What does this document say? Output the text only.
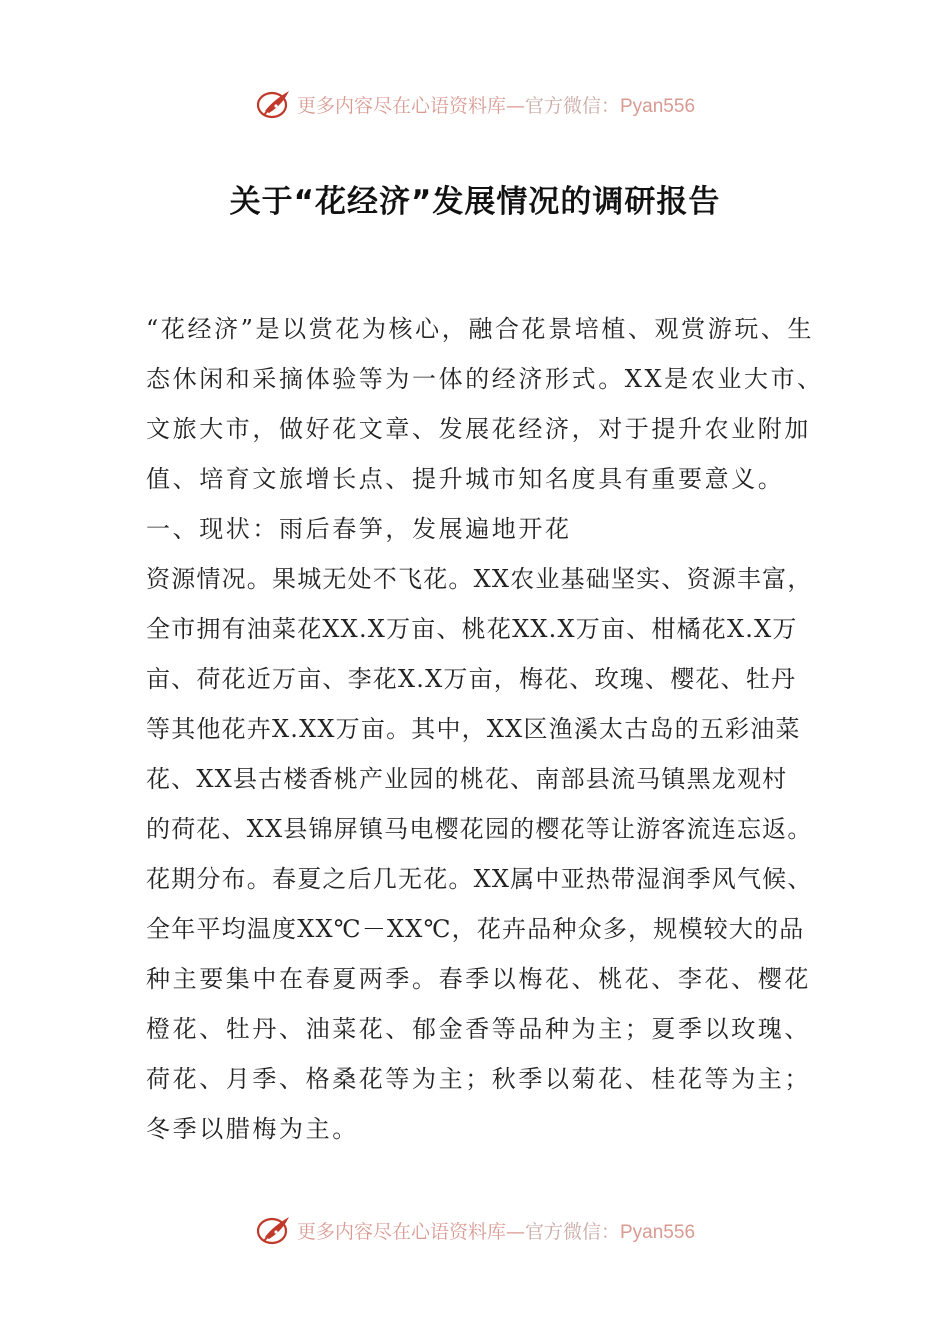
更多内容尽在心语资料库—官方微信：Pyan556
关于“花经济”发展情况的调研报告
“花经济”是以赏花为核心，融合花景培植、观赏游玩、生
态休闲和采摘体验等为一体的经济形式。XX是农业大市、
文旅大市，做好花文章、发展花经济，对于提升农业附加
值、培育文旅增长点、提升城市知名度具有重要意义。
一、现状：雨后春笋，发展遍地开花
资源情况。果城无处不飞花。XX农业基础坚实、资源丰富，
全市拥有油菜花XX.X万亩、桃花XX.X万亩、柑橘花X.X万
亩、荷花近万亩、李花X.X万亩，梅花、玫瑰、樱花、牡丹
等其他花卉X.XX万亩。其中，XX区渔溪太古岛的五彩油菜
花、XX县古楼香桃产业园的桃花、南部县流马镇黑龙观村
的荷花、XX县锦屏镇马电樱花园的樱花等让游客流连忘返。
花期分布。春夏之后几无花。XX属中亚热带湿润季风气候、
全年平均温度XX℃－XX℃，花卉品种众多，规模较大的品
种主要集中在春夏两季。春季以梅花、桃花、李花、樱花
橙花、牡丹、油菜花、郁金香等品种为主；夏季以玫瑰、
荷花、月季、格桑花等为主；秋季以菊花、桂花等为主；
冬季以腊梅为主。
更多内容尽在心语资料库—官方微信：Pyan556
